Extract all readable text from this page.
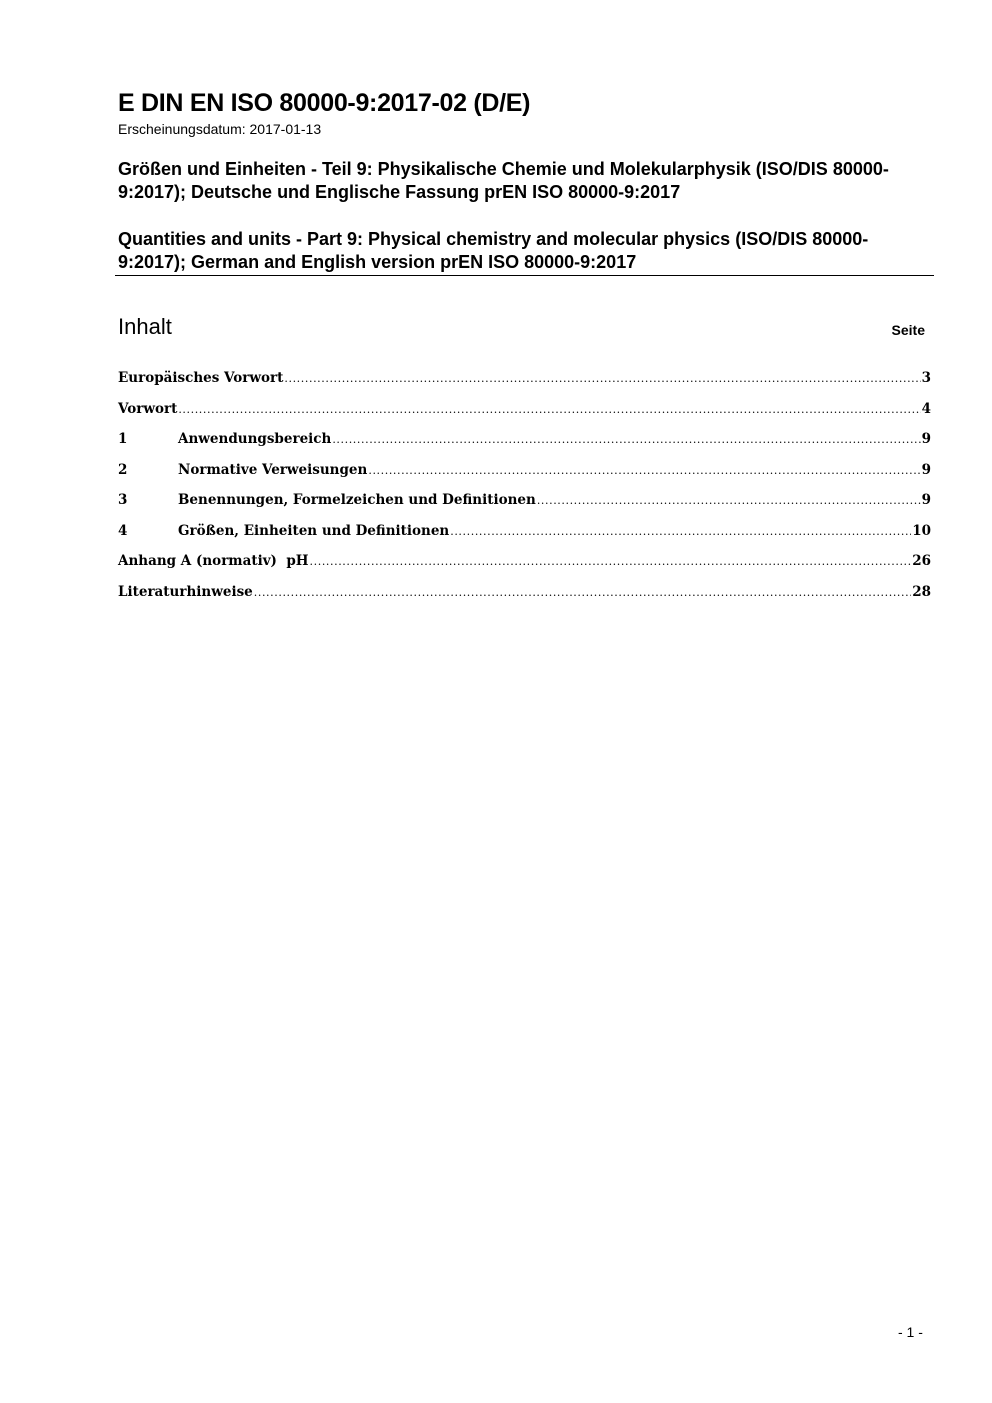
E DIN EN ISO 80000-9:2017-02 (D/E)
Erscheinungsdatum: 2017-01-13
Größen und Einheiten - Teil 9: Physikalische Chemie und Molekularphysik (ISO/DIS 80000-9:2017); Deutsche und Englische Fassung prEN ISO 80000-9:2017
Quantities and units - Part 9: Physical chemistry and molecular physics (ISO/DIS 80000-9:2017); German and English version prEN ISO 80000-9:2017
Inhalt	Seite
Europäisches Vorwort .....	3
Vorwort .....	4
1	Anwendungsbereich .....	9
2	Normative Verweisungen .....	9
3	Benennungen, Formelzeichen und Definitionen .....	9
4	Größen, Einheiten und Definitionen .....	10
Anhang A (normativ)  pH .....	26
Literaturhinweise .....	28
- 1 -
